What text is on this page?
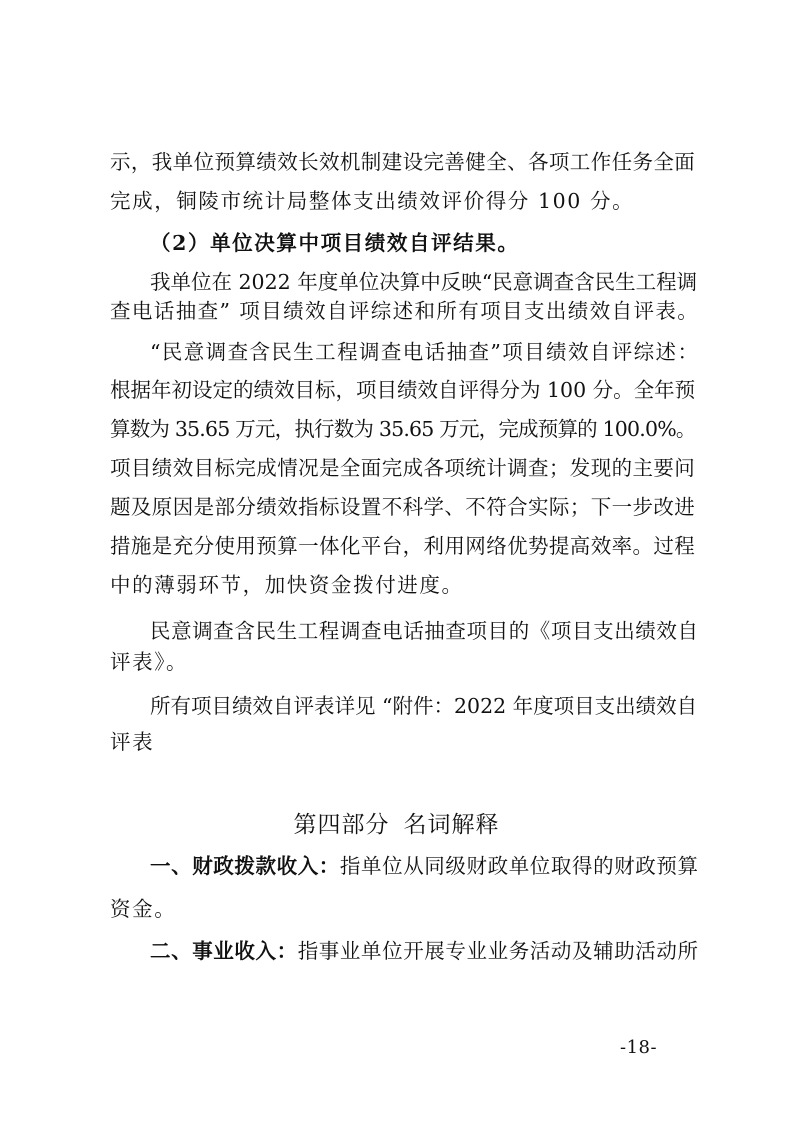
示，我单位预算绩效长效机制建设完善健全、各项工作任务全面
完成，铜陵市统计局整体支出绩效评价得分 100 分。
（2）单位决算中项目绩效自评结果。
我单位在 2022 年度单位决算中反映“民意调查含民生工程调
查电话抽查” 项目绩效自评综述和所有项目支出绩效自评表。
“民意调查含民生工程调查电话抽查”项目绩效自评综述：
根据年初设定的绩效目标，项目绩效自评得分为 100 分。全年预
算数为 35.65 万元，执行数为 35.65 万元，完成预算的 100.0%。
项目绩效目标完成情况是全面完成各项统计调查；发现的主要问
题及原因是部分绩效指标设置不科学、不符合实际；下一步改进
措施是充分使用预算一体化平台，利用网络优势提高效率。过程
中的薄弱环节，加快资金拨付进度。
民意调查含民生工程调查电话抽查项目的《项目支出绩效自
评表》。
所有项目绩效自评表详见 “附件：2022 年度项目支出绩效自
评表
第四部分 名词解释
一、财政拨款收入：指单位从同级财政单位取得的财政预算
资金。
二、事业收入：指事业单位开展专业业务活动及辅助活动所
-18-
